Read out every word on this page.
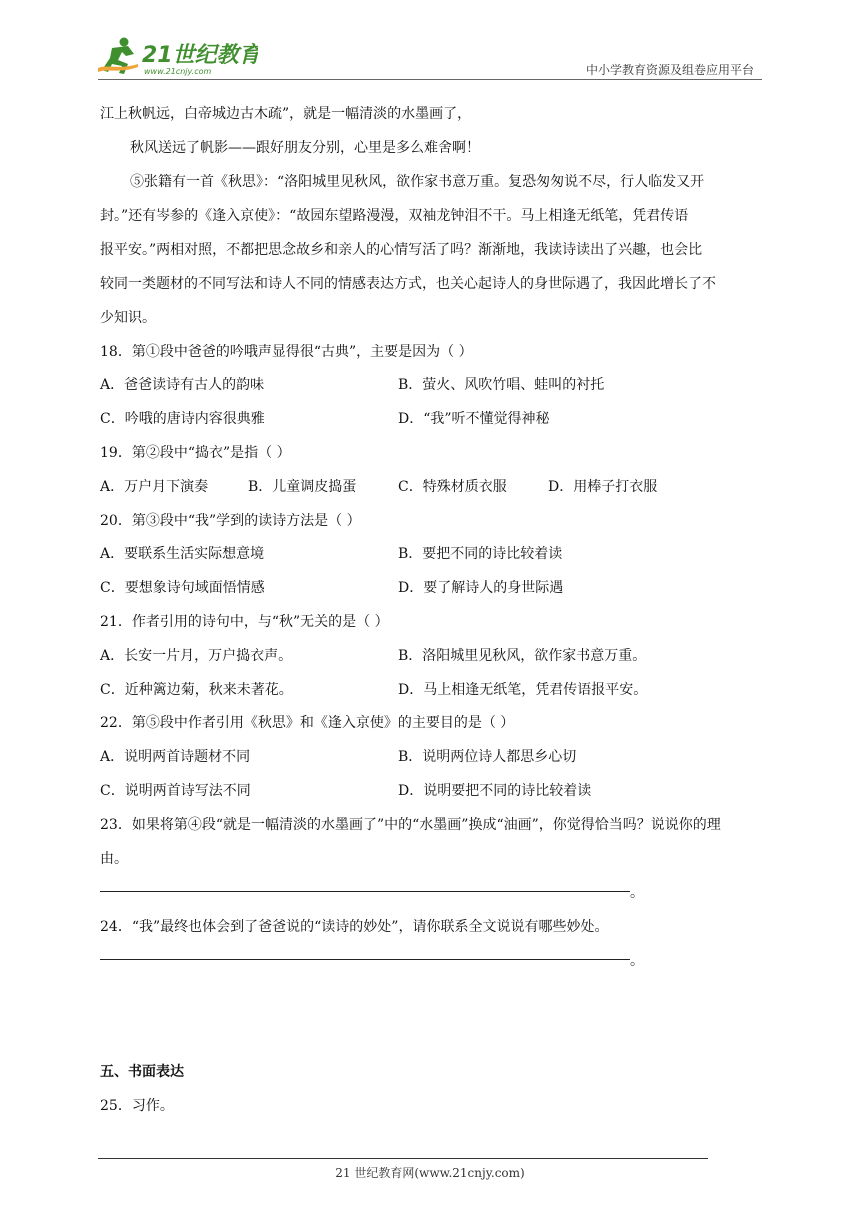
21世纪教育
www.21cnjy.com	中小学教育资源及组卷应用平台
江上秋帆远，白帝城边古木疏”，就是一幅清淡的水墨画了，
秋风送远了帆影——跟好朋友分别，心里是多么难舍啊！
⑤张籍有一首《秋思》：“洛阳城里见秋风，欲作家书意万重。复恐匆匆说不尽，行人临发又开
封。”还有岑参的《逢入京使》：“故园东望路漫漫，双袖龙钟泪不干。马上相逢无纸笔，凭君传语
报平安。”两相对照，不都把思念故乡和亲人的心情写活了吗？渐渐地，我读诗读出了兴趣，也会比
较同一类题材的不同写法和诗人不同的情感表达方式，也关心起诗人的身世际遇了，我因此增长了不
少知识。
18．第①段中爸爸的吟哦声显得很“古典”，主要是因为（ ）
A．爸爸读诗有古人的韵味	B．萤火、风吹竹唱、蛙叫的衬托
C．吟哦的唐诗内容很典雅	D．“我”听不懂觉得神秘
19．第②段中“捣衣”是指（ ）
A．万户月下演奏	B．儿童调皮捣蛋	C．特殊材质衣服	D．用棒子打衣服
20．第③段中“我”学到的读诗方法是（ ）
A．要联系生活实际想意境	B．要把不同的诗比较着读
C．要想象诗句域面悟情感	D．要了解诗人的身世际遇
21．作者引用的诗句中，与“秋”无关的是（ ）
A．长安一片月，万户捣衣声。	B．洛阳城里见秋风，欲作家书意万重。
C．近种篱边菊，秋来未著花。	D．马上相逢无纸笔，凭君传语报平安。
22．第⑤段中作者引用《秋思》和《逢入京使》的主要目的是（ ）
A．说明两首诗题材不同	B．说明两位诗人都思乡心切
C．说明两首诗写法不同	D．说明要把不同的诗比较着读
23．如果将第④段“就是一幅清淡的水墨画了”中的“水墨画”换成“油画”，你觉得恰当吗？说说你的理
由。
。
24．“我”最终也体会到了爸爸说的“读诗的妙处”，请你联系全文说说有哪些妙处。
。
五、书面表达
25．习作。
21 世纪教育网(www.21cnjy.com)
